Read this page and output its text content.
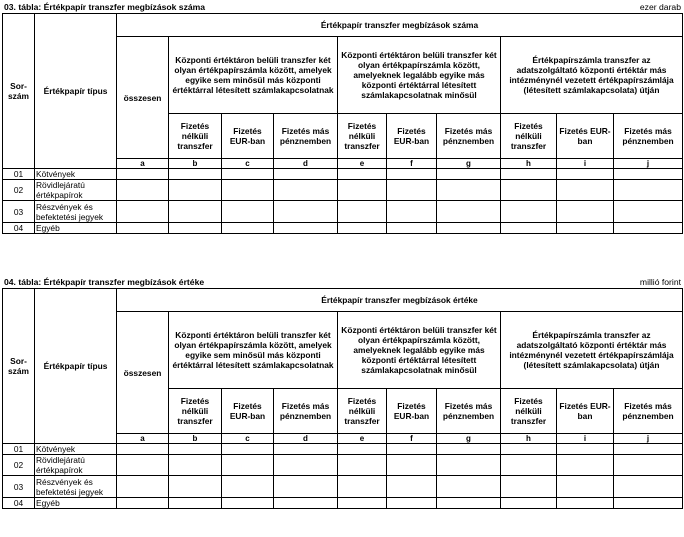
03. tábla: Értékpapír transzfer megbízások száma	ezer darab
Sor-szám	Értékpapír típus	Értékpapír transzfer megbízások száma									
		összesen	Központi értéktáron belüli transzfer két olyan értékpapírszámla között, amelyek egyike sem minősül más központi értéktárral létesített számlakapcsolatnak			Központi értéktáron belüli transzfer két olyan értékpapírszámla között, amelyeknek legalább egyike más központi értéktárral létesített számlakapcsolatnak minősül			Értékpapírszámla transzfer az adatszolgáltató központi értéktár más intézménynél vezetett értékpapírszámlája (létesített számlakapcsolata) útján		
			Fizetés nélküli transzfer	Fizetés EUR-ban	Fizetés más pénznemben	Fizetés nélküli transzfer	Fizetés EUR-ban	Fizetés más pénznemben	Fizetés nélküli transzfer	Fizetés EUR-ban	Fizetés más pénznemben
		a	b	c	d	e	f	g	h	i	j
01	Kötvények										
02	Rövidlejáratú értékpapírok										
03	Részvények és befektetési jegyek										
04	Egyéb										
04. tábla: Értékpapír transzfer megbízások értéke	millió forint
Sor-szám	Értékpapír típus	Értékpapír transzfer megbízások értéke									
		összesen	Központi értéktáron belüli transzfer két olyan értékpapírszámla között, amelyek egyike sem minősül más központi értéktárral létesített számlakapcsolatnak			Központi értéktáron belüli transzfer két olyan értékpapírszámla között, amelyeknek legalább egyike más központi értéktárral létesített számlakapcsolatnak minősül			Értékpapírszámla transzfer az adatszolgáltató központi értéktár más intézménynél vezetett értékpapírszámlája (létesített számlakapcsolata) útján		
			Fizetés nélküli transzfer	Fizetés EUR-ban	Fizetés más pénznemben	Fizetés nélküli transzfer	Fizetés EUR-ban	Fizetés más pénznemben	Fizetés nélküli transzfer	Fizetés EUR-ban	Fizetés más pénznemben
		a	b	c	d	e	f	g	h	i	j
01	Kötvények										
02	Rövidlejáratú értékpapírok										
03	Részvények és befektetési jegyek										
04	Egyéb										
